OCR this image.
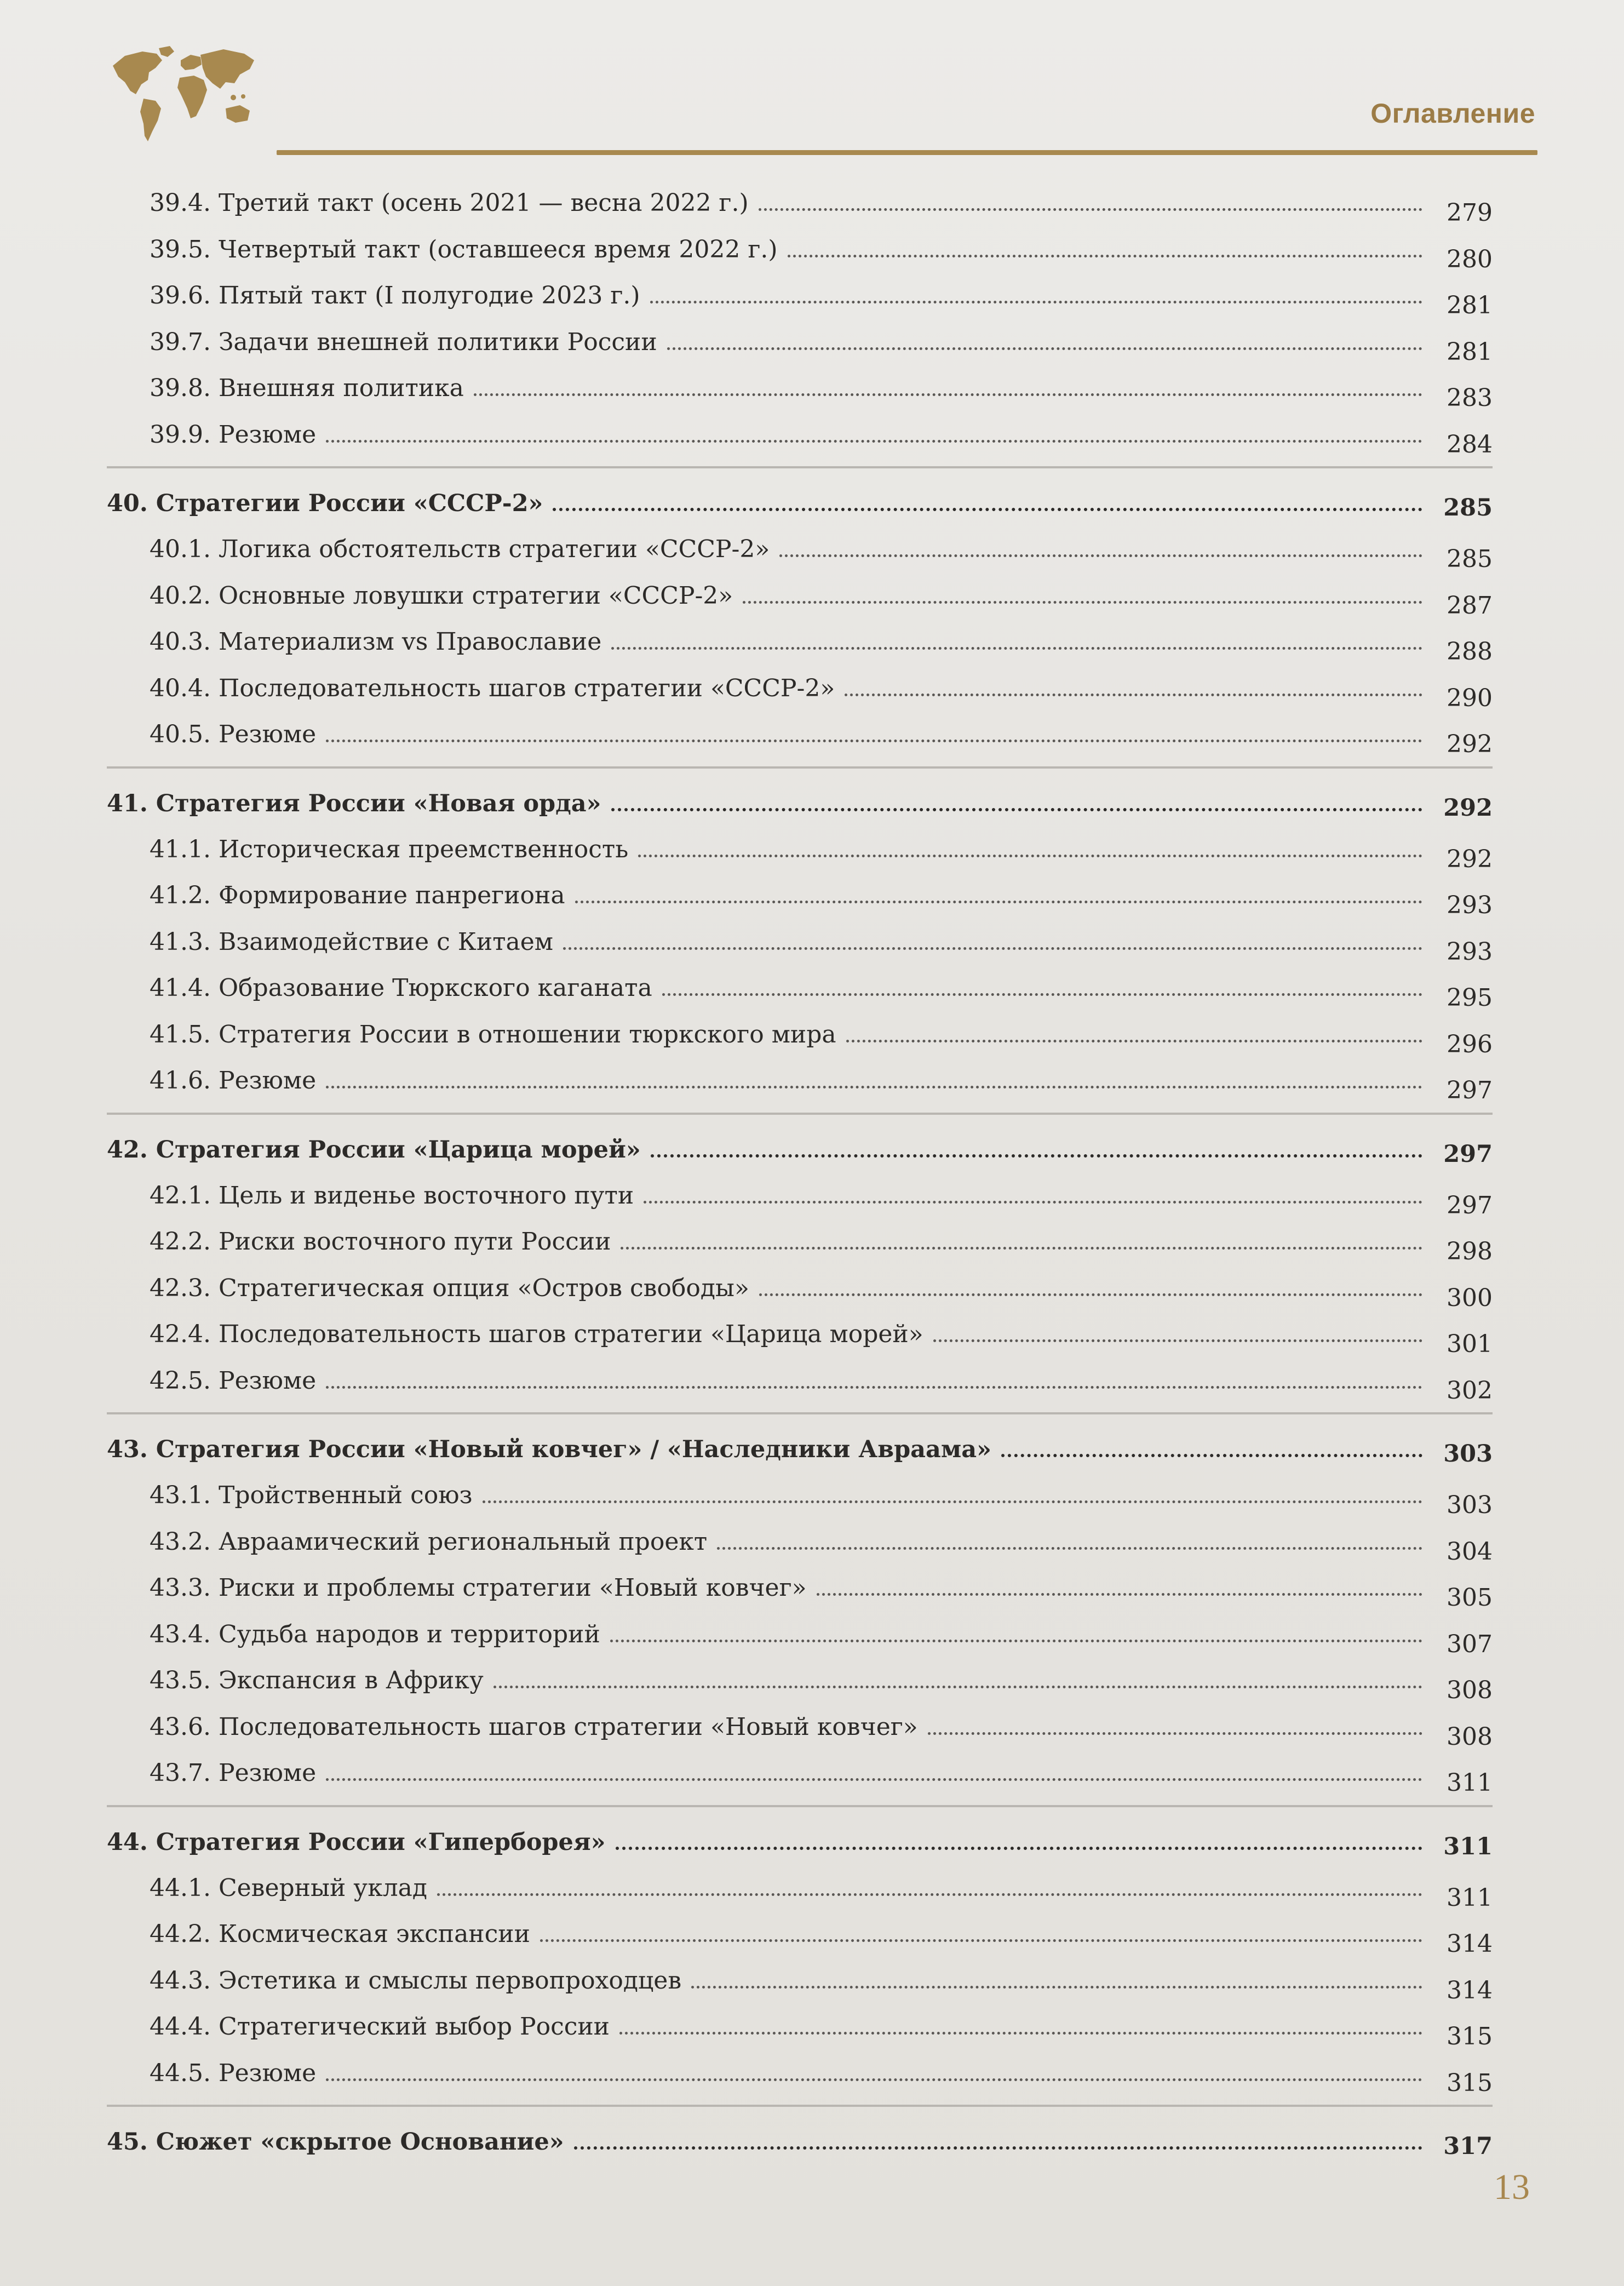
Оглавление
39.4. Третий такт (осень 2021 — весна 2022 г.)	279
39.5. Четвертый такт (оставшееся время 2022 г.)	280
39.6. Пятый такт (I полугодие 2023 г.)	281
39.7. Задачи внешней политики России	281
39.8. Внешняя политика	283
39.9. Резюме	284
40. Стратегии России «СССР-2»	285
40.1. Логика обстоятельств стратегии «СССР-2»	285
40.2. Основные ловушки стратегии «СССР-2»	287
40.3. Материализм vs Православие	288
40.4. Последовательность шагов стратегии «СССР-2»	290
40.5. Резюме	292
41. Стратегия России «Новая орда»	292
41.1. Историческая преемственность	292
41.2. Формирование панрегиона	293
41.3. Взаимодействие с Китаем	293
41.4. Образование Тюркского каганата	295
41.5. Стратегия России в отношении тюркского мира	296
41.6. Резюме	297
42. Стратегия России «Царица морей»	297
42.1. Цель и виденье восточного пути	297
42.2. Риски восточного пути России	298
42.3. Стратегическая опция «Остров свободы»	300
42.4. Последовательность шагов стратегии «Царица морей»	301
42.5. Резюме	302
43. Стратегия России «Новый ковчег» / «Наследники Авраама»	303
43.1. Тройственный союз	303
43.2. Авраамический региональный проект	304
43.3. Риски и проблемы стратегии «Новый ковчег»	305
43.4. Судьба народов и территорий	307
43.5. Экспансия в Африку	308
43.6. Последовательность шагов стратегии «Новый ковчег»	308
43.7. Резюме	311
44. Стратегия России «Гиперборея»	311
44.1. Северный уклад	311
44.2. Космическая экспансии	314
44.3. Эстетика и смыслы первопроходцев	314
44.4. Стратегический выбор России	315
44.5. Резюме	315
45. Сюжет «скрытое Основание»	317
13
